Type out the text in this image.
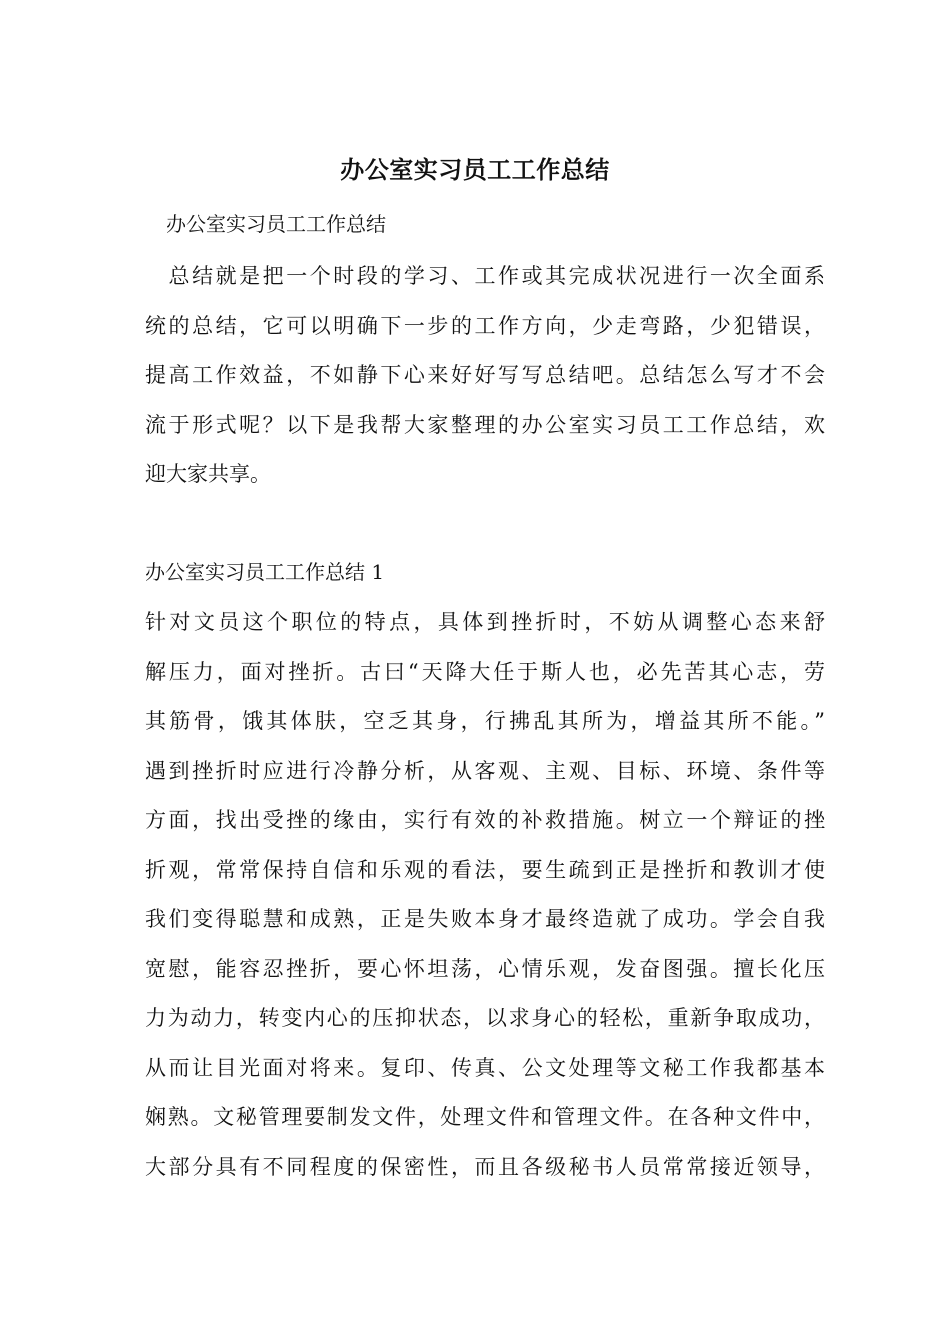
办公室实习员工工作总结
办公室实习员工工作总结
　总结就是把一个时段的学习、工作或其完成状况进行一次全面系
统的总结，它可以明确下一步的工作方向，少走弯路，少犯错误，
提高工作效益，不如静下心来好好写写总结吧。总结怎么写才不会
流于形式呢？以下是我帮大家整理的办公室实习员工工作总结，欢
迎大家共享。
办公室实习员工工作总结 1
针对文员这个职位的特点，具体到挫折时，不妨从调整心态来舒
解压力，面对挫折。古曰“天降大任于斯人也，必先苦其心志，劳
其筋骨，饿其体肤，空乏其身，行拂乱其所为，增益其所不能。”
遇到挫折时应进行冷静分析，从客观、主观、目标、环境、条件等
方面，找出受挫的缘由，实行有效的补救措施。树立一个辩证的挫
折观，常常保持自信和乐观的看法，要生疏到正是挫折和教训才使
我们变得聪慧和成熟，正是失败本身才最终造就了成功。学会自我
宽慰，能容忍挫折，要心怀坦荡，心情乐观，发奋图强。擅长化压
力为动力，转变内心的压抑状态，以求身心的轻松，重新争取成功，
从而让目光面对将来。复印、传真、公文处理等文秘工作我都基本
娴熟。文秘管理要制发文件，处理文件和管理文件。在各种文件中，
大部分具有不同程度的保密性，而且各级秘书人员常常接近领导，
